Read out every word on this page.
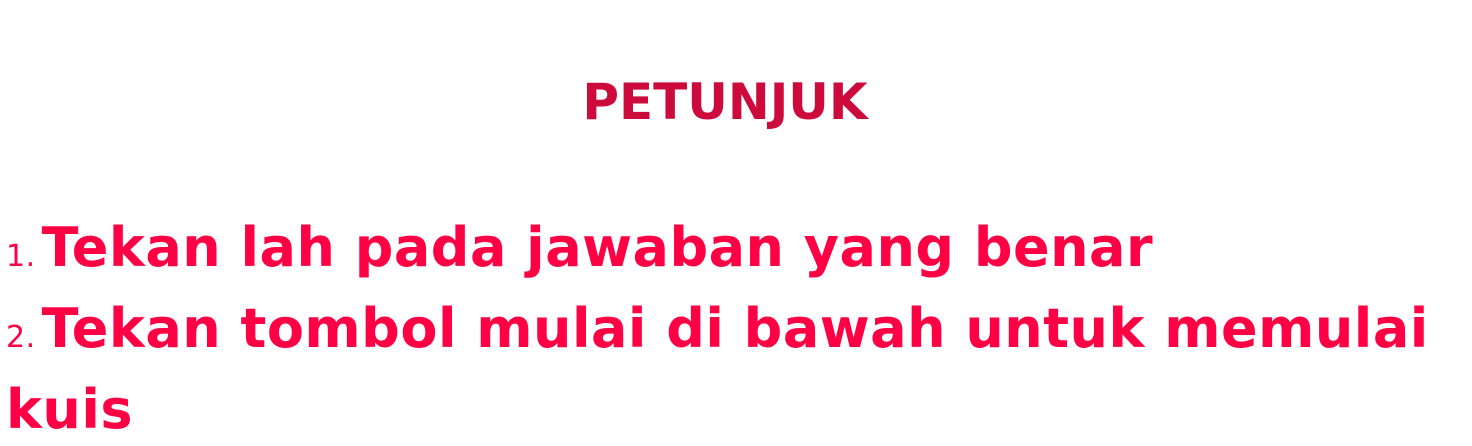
PETUNJUK
1. Tekan lah pada jawaban yang benar
2. Tekan tombol mulai di bawah untuk memulai kuis
